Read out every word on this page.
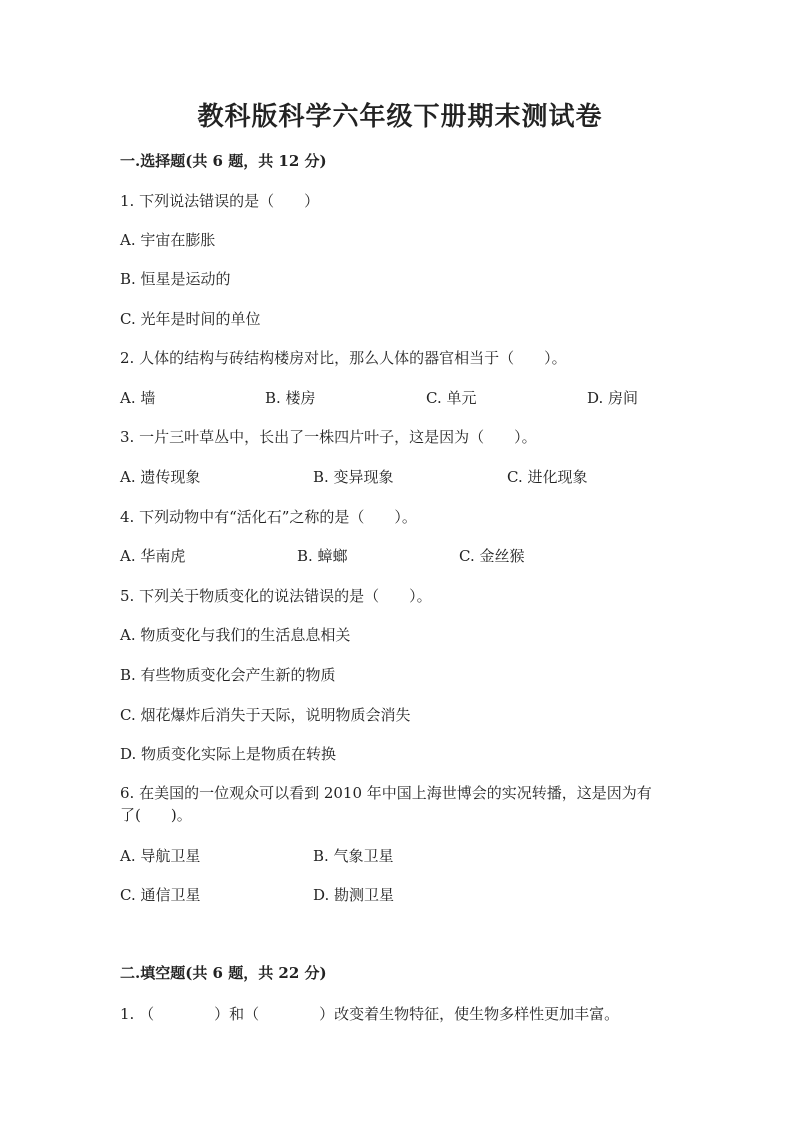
教科版科学六年级下册期末测试卷
一.选择题(共 6 题，共 12 分)
1. 下列说法错误的是（　　）
A. 宇宙在膨胀
B. 恒星是运动的
C. 光年是时间的单位
2. 人体的结构与砖结构楼房对比，那么人体的器官相当于（　　）。
A. 墙	B. 楼房	C. 单元	D. 房间
3. 一片三叶草丛中，长出了一株四片叶子，这是因为（　　）。
A. 遗传现象	B. 变异现象	C. 进化现象
4. 下列动物中有“活化石”之称的是（　　）。
A. 华南虎	B. 蟑螂	C. 金丝猴
5. 下列关于物质变化的说法错误的是（　　）。
A. 物质变化与我们的生活息息相关
B. 有些物质变化会产生新的物质
C. 烟花爆炸后消失于天际，说明物质会消失
D. 物质变化实际上是物质在转换
6. 在美国的一位观众可以看到 2010 年中国上海世博会的实况转播，这是因为有了(　　)。
A. 导航卫星	B. 气象卫星
C. 通信卫星	D. 勘测卫星
二.填空题(共 6 题，共 22 分)
1. （　　　　）和（　　　　）改变着生物特征，使生物多样性更加丰富。
